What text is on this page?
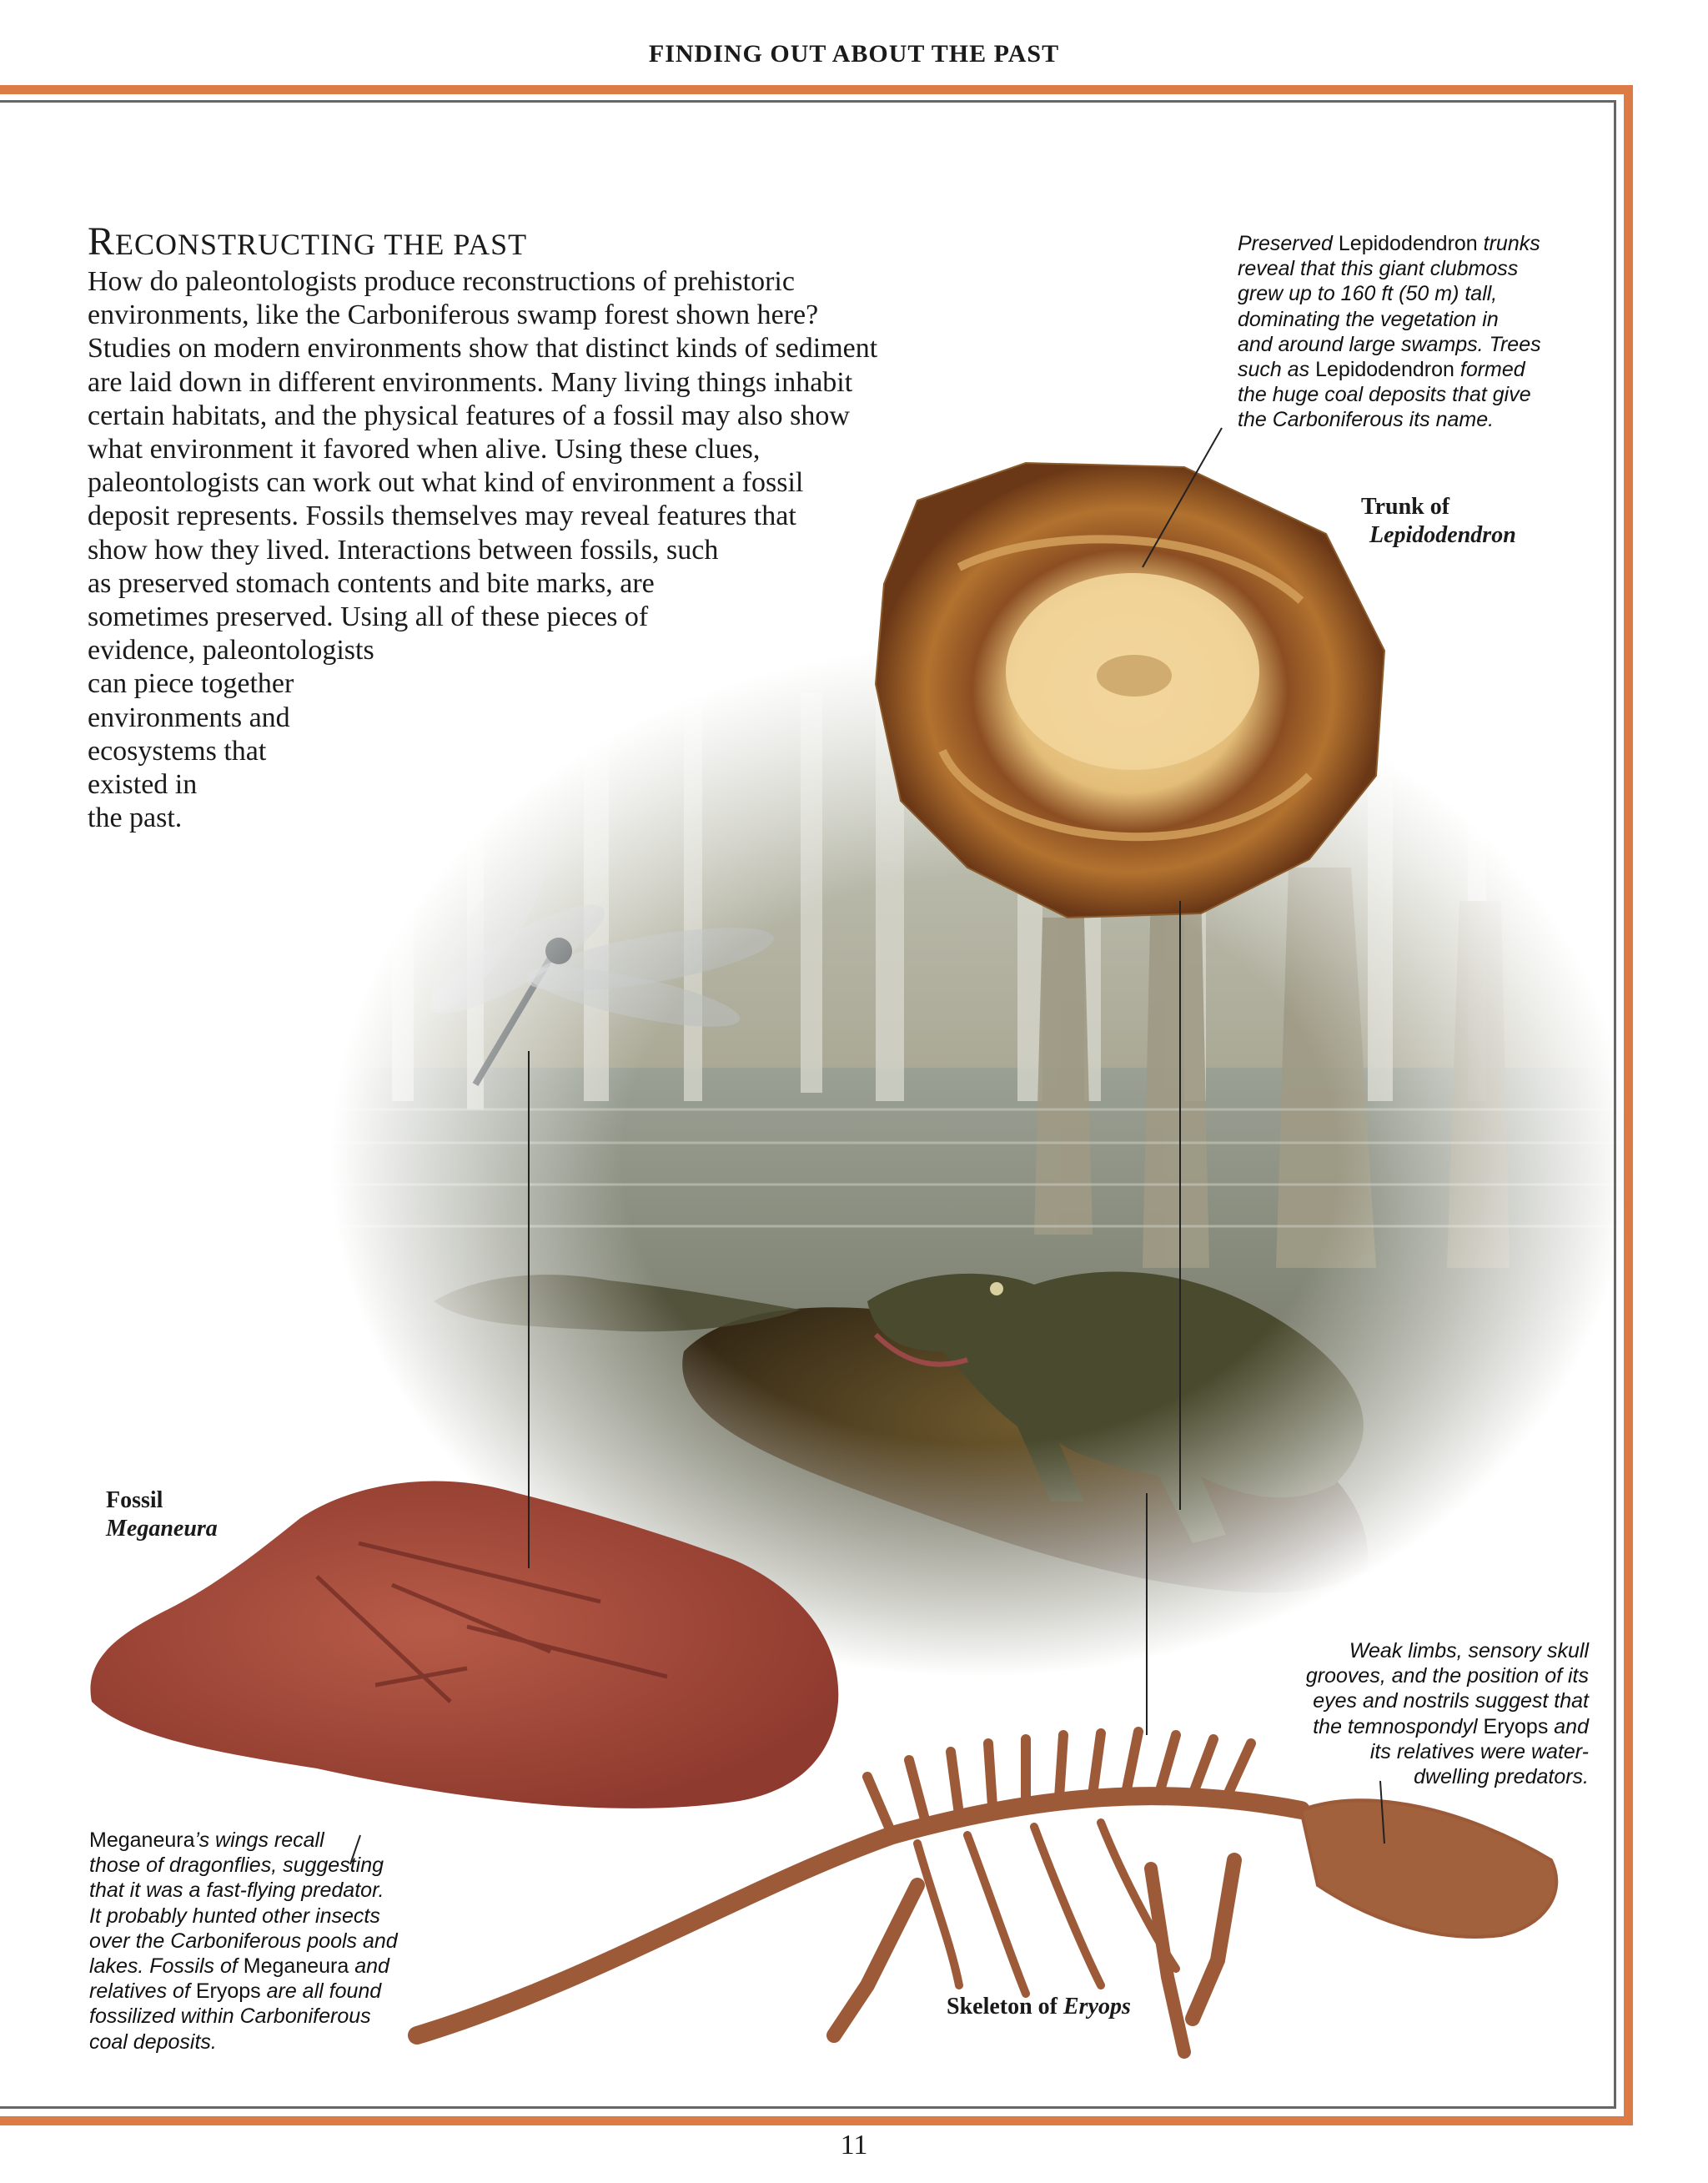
FINDING OUT ABOUT THE PAST
RECONSTRUCTING THE PAST
How do paleontologists produce reconstructions of prehistoric
environments, like the Carboniferous swamp forest shown here?
Studies on modern environments show that distinct kinds of sediment
are laid down in different environments. Many living things inhabit
certain habitats, and the physical features of a fossil may also show
what environment it favored when alive. Using these clues,
paleontologists can work out what kind of environment a fossil
deposit represents. Fossils themselves may reveal features that
show how they lived. Interactions between fossils, such
as preserved stomach contents and bite marks, are
sometimes preserved. Using all of these pieces of
evidence, paleontologists
can piece together
environments and
ecosystems that
existed in
the past.
Preserved Lepidodendron trunks
reveal that this giant clubmoss
grew up to 160 ft (50 m) tall,
dominating the vegetation in
and around large swamps. Trees
such as Lepidodendron formed
the huge coal deposits that give
the Carboniferous its name.
Trunk of
Lepidodendron
Fossil
Meganeura
Weak limbs, sensory skull
grooves, and the position of its
eyes and nostrils suggest that
the temnospondyl Eryops and
its relatives were water-
dwelling predators.
Meganeura’s wings recall
those of dragonflies, suggesting
that it was a fast-flying predator.
It probably hunted other insects
over the Carboniferous pools and
lakes. Fossils of Meganeura and
relatives of Eryops are all found
fossilized within Carboniferous
coal deposits.
Skeleton of Eryops
11
